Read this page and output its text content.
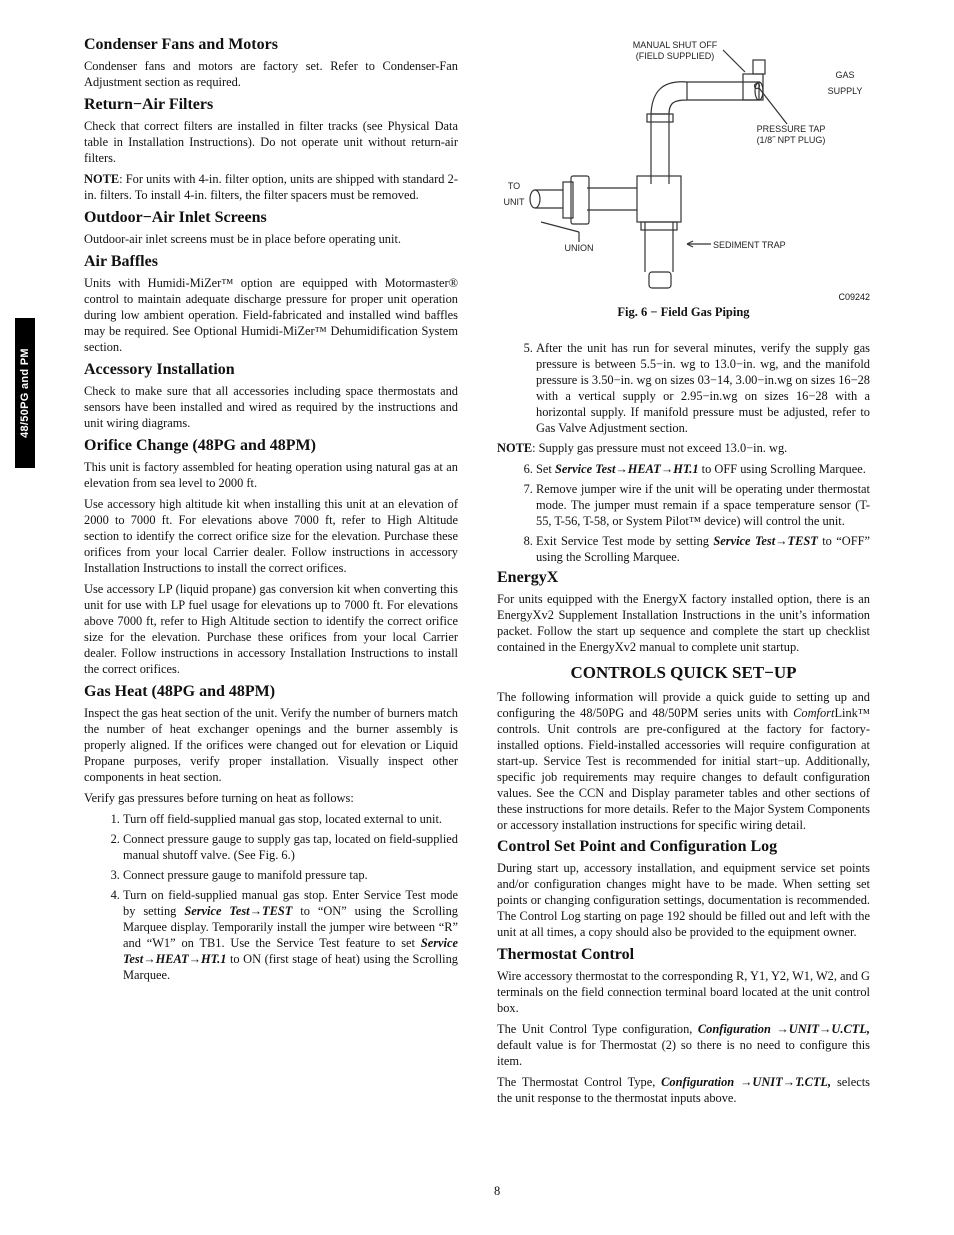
48/50PG and PM
Condenser Fans and Motors

Condenser fans and motors are factory set. Refer to Condenser-Fan Adjustment section as required.

Return−Air Filters

Check that correct filters are installed in filter tracks (see Physical Data table in Installation Instructions). Do not operate unit without return-air filters.

NOTE: For units with 4-in. filter option, units are shipped with standard 2-in. filters. To install 4-in. filters, the filter spacers must be removed.

Outdoor−Air Inlet Screens

Outdoor-air inlet screens must be in place before operating unit.

Air Baffles

Units with Humidi-MiZer™ option are equipped with Motormaster® control to maintain adequate discharge pressure for proper unit operation during low ambient operation. Field-fabricated and installed wind baffles may be required. See Optional Humidi-MiZer™ Dehumidification System section.

Accessory Installation

Check to make sure that all accessories including space thermostats and sensors have been installed and wired as required by the instructions and unit wiring diagrams.

Orifice Change (48PG and 48PM)

This unit is factory assembled for heating operation using natural gas at an elevation from sea level to 2000 ft.

Use accessory high altitude kit when installing this unit at an elevation of 2000 to 7000 ft. For elevations above 7000 ft, refer to High Altitude section to identify the correct orifice size for the elevation. Purchase these orifices from your local Carrier dealer. Follow instructions in accessory Installation Instructions to install the correct orifices.

Use accessory LP (liquid propane) gas conversion kit when converting this unit for use with LP fuel usage for elevations up to 7000 ft. For elevations above 7000 ft, refer to High Altitude section to identify the correct orifice size for the elevation. Purchase these orifices from your local Carrier dealer. Follow instructions in accessory Installation Instructions to install the correct orifices.

Gas Heat (48PG and 48PM)

Inspect the gas heat section of the unit. Verify the number of burners match the number of heat exchanger openings and the burner assembly is properly aligned. If the orifices were changed out for elevation or Liquid Propane purposes, verify proper installation. Visually inspect other components in heat section.

Verify gas pressures before turning on heat as follows:

1. Turn off field-supplied manual gas stop, located external to unit.
2. Connect pressure gauge to supply gas tap, located on field-supplied manual shutoff valve. (See Fig. 6.)
3. Connect pressure gauge to manifold pressure tap.
4. Turn on field-supplied manual gas stop. Enter Service Test mode by setting Service Test→TEST to “ON” using the Scrolling Marquee display. Temporarily install the jumper wire between “R” and “W1” on TB1. Use the Service Test feature to set Service Test→HEAT→HT.1 to ON (first stage of heat) using the Scrolling Marquee.
MANUAL SHUT OFF
(FIELD SUPPLIED)
GAS
SUPPLY
PRESSURE TAP
(1/8˝ NPT PLUG)
TO
UNIT
UNION	SEDIMENT TRAP
C09242
Fig. 6 − Field Gas Piping
5. After the unit has run for several minutes, verify the supply gas pressure is between 5.5−in. wg to 13.0−in. wg, and the manifold pressure is 3.50−in. wg on sizes 03−14, 3.00−in.wg on sizes 16−28 with a vertical supply or 2.95−in.wg on sizes 16−28 with a horizontal supply. If manifold pressure must be adjusted, refer to Gas Valve Adjustment section.

NOTE: Supply gas pressure must not exceed 13.0−in. wg.

6. Set Service Test→HEAT→HT.1 to OFF using Scrolling Marquee.
7. Remove jumper wire if the unit will be operating under thermostat mode. The jumper must remain if a space temperature sensor (T-55, T-56, T-58, or System Pilot™ device) will control the unit.
8. Exit Service Test mode by setting Service Test→TEST to “OFF” using the Scrolling Marquee.
EnergyX

For units equipped with the EnergyX factory installed option, there is an EnergyXv2 Supplement Installation Instructions in the unit’s information packet. Follow the start up sequence and complete the start up checklist contained in the EnergyXv2 manual to complete unit startup.

CONTROLS QUICK SET−UP

The following information will provide a quick guide to setting up and configuring the 48/50PG and 48/50PM series units with ComfortLink™ controls. Unit controls are pre-configured at the factory for factory-installed options. Field-installed accessories will require configuration at start-up. Service Test is recommended for initial start−up. Additionally, specific job requirements may require changes to default configuration values. See the CCN and Display parameter tables and other sections of these instructions for more details. Refer to the Major System Components or accessory installation instructions for specific wiring detail.

Control Set Point and Configuration Log

During start up, accessory installation, and equipment service set points and/or configuration changes might have to be made. When setting set points or changing configuration settings, documentation is recommended. The Control Log starting on page 192 should be filled out and left with the unit at all times, a copy should also be provided to the equipment owner.

Thermostat Control

Wire accessory thermostat to the corresponding R, Y1, Y2, W1, W2, and G terminals on the field connection terminal board located at the unit control box.

The Unit Control Type configuration, Configuration →UNIT→U.CTL, default value is for Thermostat (2) so there is no need to configure this item.

The Thermostat Control Type, Configuration →UNIT→T.CTL, selects the unit response to the thermostat inputs above.

8
